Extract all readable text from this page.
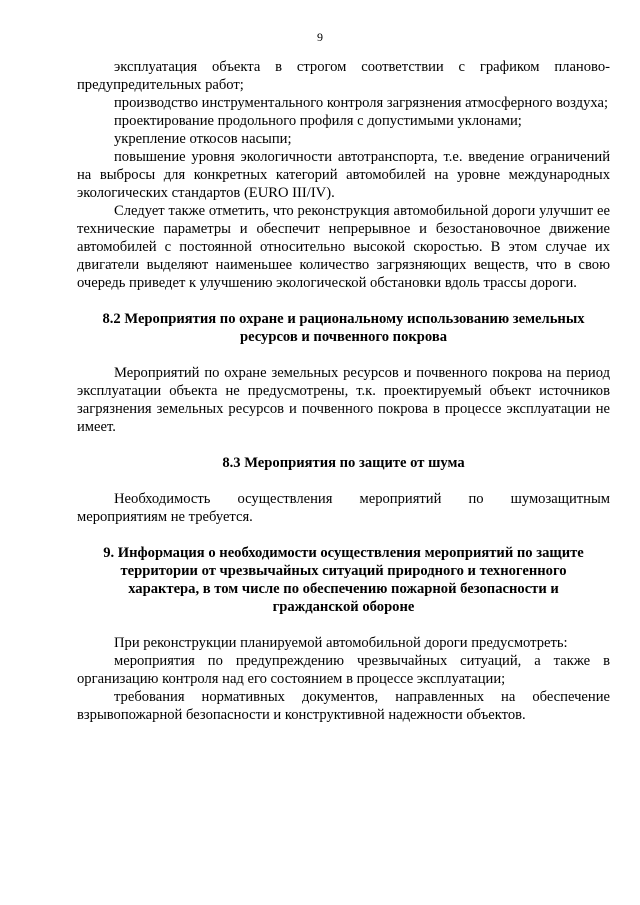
9

эксплуатация объекта в строгом соответствии с графиком планово-предупредительных работ;

производство инструментального контроля загрязнения атмосферного воздуха;

проектирование продольного профиля с допустимыми уклонами;

укрепление откосов насыпи;

повышение уровня экологичности автотранспорта, т.е. введение ограничений на выбросы для конкретных категорий автомобилей на уровне международных экологических стандартов (EURO III/IV).

Следует также отметить, что реконструкция автомобильной дороги улучшит ее технические параметры и обеспечит непрерывное и безостановочное движение автомобилей с постоянной относительно высокой скоростью. В этом случае их двигатели выделяют наименьшее количество загрязняющих веществ, что в свою очередь приведет к улучшению экологической обстановки вдоль трассы дороги.

8.2 Мероприятия по охране и рациональному использованию земельных
ресурсов и почвенного покрова

Мероприятий по охране земельных ресурсов и почвенного покрова на период эксплуатации объекта не предусмотрены, т.к. проектируемый объект источников загрязнения земельных ресурсов и почвенного покрова в процессе эксплуатации не имеет.

8.3 Мероприятия по защите от шума

Необходимость осуществления мероприятий по шумозащитным мероприятиям не требуется.

9. Информация о необходимости осуществления мероприятий по защите
территории от чрезвычайных ситуаций природного и техногенного
характера, в том числе по обеспечению пожарной безопасности и
гражданской обороне

При реконструкции планируемой автомобильной дороги предусмотреть:

мероприятия по предупреждению чрезвычайных ситуаций, а также в организацию контроля над его состоянием в процессе эксплуатации;

требования нормативных документов, направленных на обеспечение взрывопожарной безопасности и конструктивной надежности объектов.
